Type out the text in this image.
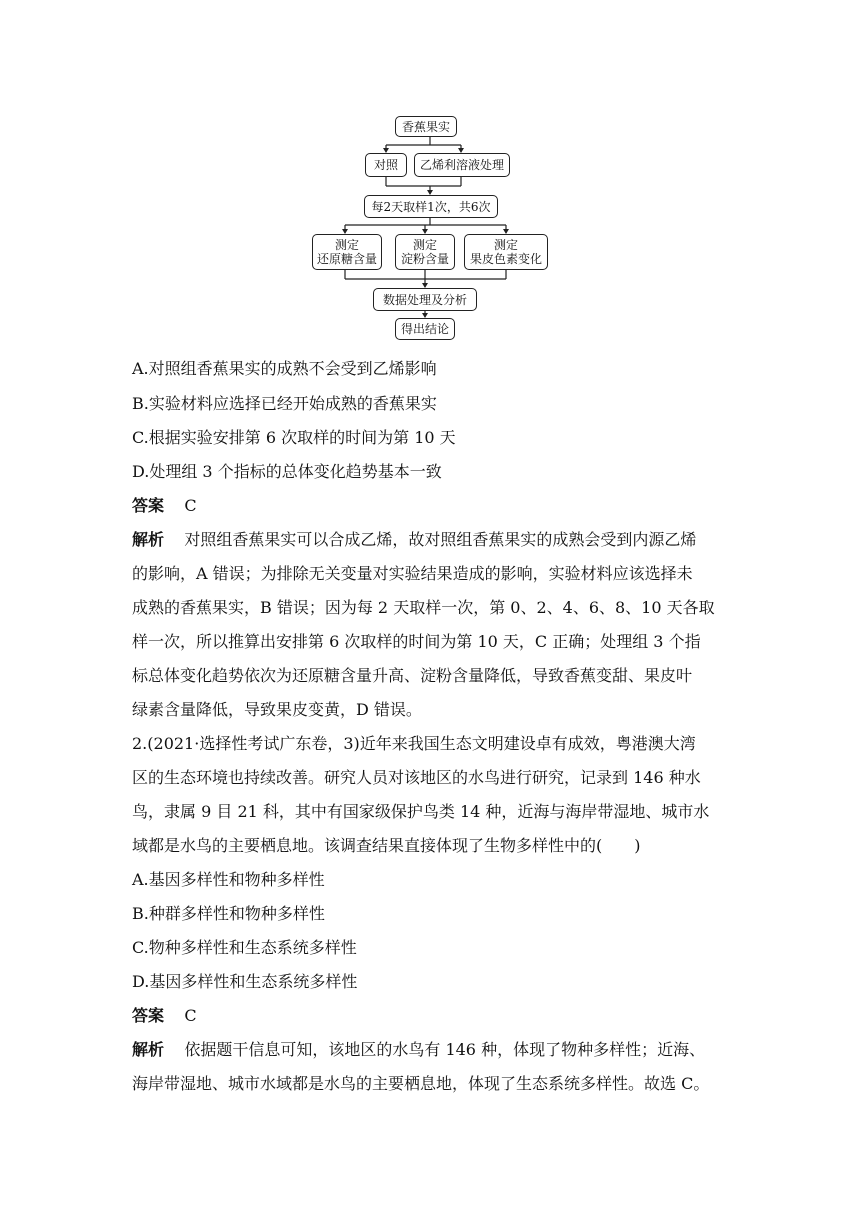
香蕉果实
对照 乙烯利溶液处理
每2天取样1次，共6次
测定
还原糖含量
测定
淀粉含量
测定
果皮色素变化
数据处理及分析
得出结论
A.对照组香蕉果实的成熟不会受到乙烯影响
B.实验材料应选择已经开始成熟的香蕉果实
C.根据实验安排第 6 次取样的时间为第 10 天
D.处理组 3 个指标的总体变化趋势基本一致
答案 C
解析 对照组香蕉果实可以合成乙烯，故对照组香蕉果实的成熟会受到内源乙烯
的影响，A 错误；为排除无关变量对实验结果造成的影响，实验材料应该选择未
成熟的香蕉果实，B 错误；因为每 2 天取样一次，第 0、2、4、6、8、10 天各取
样一次，所以推算出安排第 6 次取样的时间为第 10 天，C 正确；处理组 3 个指
标总体变化趋势依次为还原糖含量升高、淀粉含量降低，导致香蕉变甜、果皮叶
绿素含量降低，导致果皮变黄，D 错误。
2.(2021·选择性考试广东卷，3)近年来我国生态文明建设卓有成效，粤港澳大湾
区的生态环境也持续改善。研究人员对该地区的水鸟进行研究，记录到 146 种水
鸟，隶属 9 目 21 科，其中有国家级保护鸟类 14 种，近海与海岸带湿地、城市水
域都是水鸟的主要栖息地。该调查结果直接体现了生物多样性中的(　　)
A.基因多样性和物种多样性
B.种群多样性和物种多样性
C.物种多样性和生态系统多样性
D.基因多样性和生态系统多样性
答案 C
解析 依据题干信息可知，该地区的水鸟有 146 种，体现了物种多样性；近海、
海岸带湿地、城市水域都是水鸟的主要栖息地，体现了生态系统多样性。故选 C。
